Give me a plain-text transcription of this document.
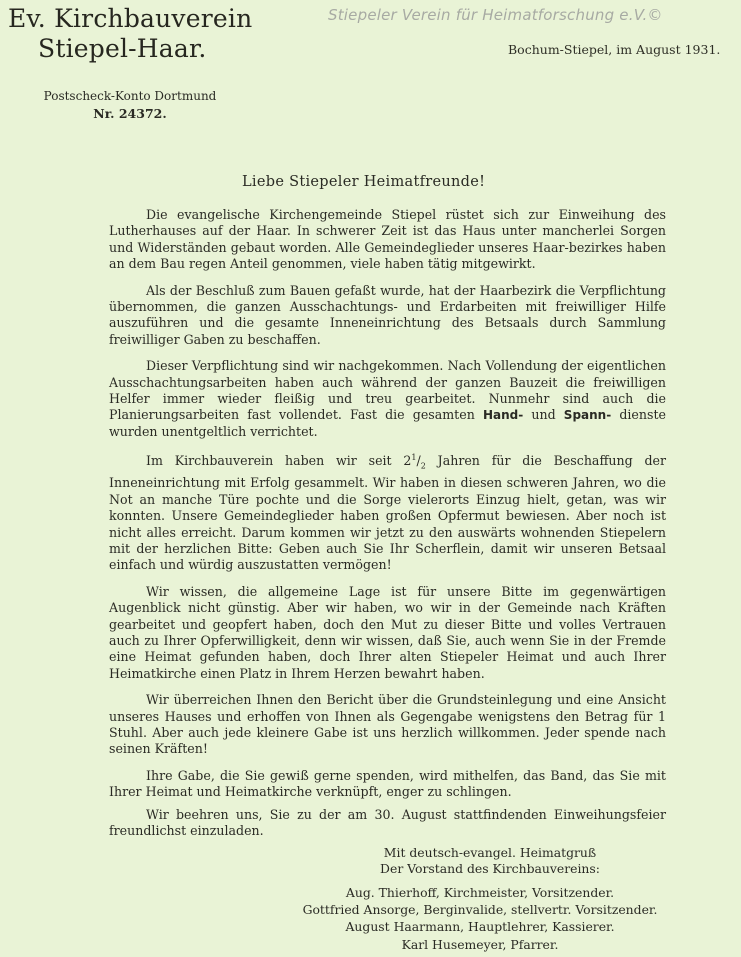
Ev. Kirchbauverein
Stiepel-Haar.
Stiepeler Verein für Heimatforschung e.V.©
Bochum-Stiepel, im August 1931.
Postscheck-Konto Dortmund
Nr. 24372.
Liebe Stiepeler Heimatfreunde!

Die evangelische Kirchengemeinde Stiepel rüstet sich zur Einweihung des Lutherhauses auf der Haar. In schwerer Zeit ist das Haus unter mancherlei Sorgen und Widerständen gebaut worden. Alle Gemeindeglieder unseres Haar-bezirkes haben an dem Bau regen Anteil genommen, viele haben tätig mitgewirkt.

Als der Beschluß zum Bauen gefaßt wurde, hat der Haarbezirk die Verpflichtung übernommen, die ganzen Ausschachtungs- und Erdarbeiten mit freiwilliger Hilfe auszuführen und die gesamte Inneneinrichtung des Betsaals durch Sammlung freiwilliger Gaben zu beschaffen.

Dieser Verpflichtung sind wir nachgekommen. Nach Vollendung der eigentlichen Ausschachtungsarbeiten haben auch während der ganzen Bauzeit die freiwilligen Helfer immer wieder fleißig und treu gearbeitet. Nunmehr sind auch die Planierungsarbeiten fast vollendet. Fast die gesamten Hand- und Spann- dienste wurden unentgeltlich verrichtet.

Im Kirchbauverein haben wir seit $2^1/_2$ Jahren für die Beschaffung der Inneneinrichtung mit Erfolg gesammelt. Wir haben in diesen schweren Jahren, wo die Not an manche Türe pochte und die Sorge vielerorts Einzug hielt, getan, was wir konnten. Unsere Gemeindeglieder haben großen Opfermut bewiesen. Aber noch ist nicht alles erreicht. Darum kommen wir jetzt zu den auswärts wohnenden Stiepelern mit der herzlichen Bitte: Geben auch Sie Ihr Scherflein, damit wir unseren Betsaal einfach und würdig auszustatten vermögen!

Wir wissen, die allgemeine Lage ist für unsere Bitte im gegenwärtigen Augenblick nicht günstig. Aber wir haben, wo wir in der Gemeinde nach Kräften gearbeitet und geopfert haben, doch den Mut zu dieser Bitte und volles Vertrauen auch zu Ihrer Opferwilligkeit, denn wir wissen, daß Sie, auch wenn Sie in der Fremde eine Heimat gefunden haben, doch Ihrer alten Stiepeler Heimat und auch Ihrer Heimatkirche einen Platz in Ihrem Herzen bewahrt haben.

Wir überreichen Ihnen den Bericht über die Grundsteinlegung und eine Ansicht unseres Hauses und erhoffen von Ihnen als Gegengabe wenigstens den Betrag für 1 Stuhl. Aber auch jede kleinere Gabe ist uns herzlich willkommen. Jeder spende nach seinen Kräften!

Ihre Gabe, die Sie gewiß gerne spenden, wird mithelfen, das Band, das Sie mit Ihrer Heimat und Heimatkirche verknüpft, enger zu schlingen.

Wir beehren uns, Sie zu der am 30. August stattfindenden Einweihungsfeier freundlichst einzuladen.

Mit deutsch-evangel. Heimatgruß
Der Vorstand des Kirchbauvereins:
Aug. Thierhoff, Kirchmeister, Vorsitzender.
Gottfried Ansorge, Berginvalide, stellvertr. Vorsitzender.
August Haarmann, Hauptlehrer, Kassierer.
Karl Husemeyer, Pfarrer.
